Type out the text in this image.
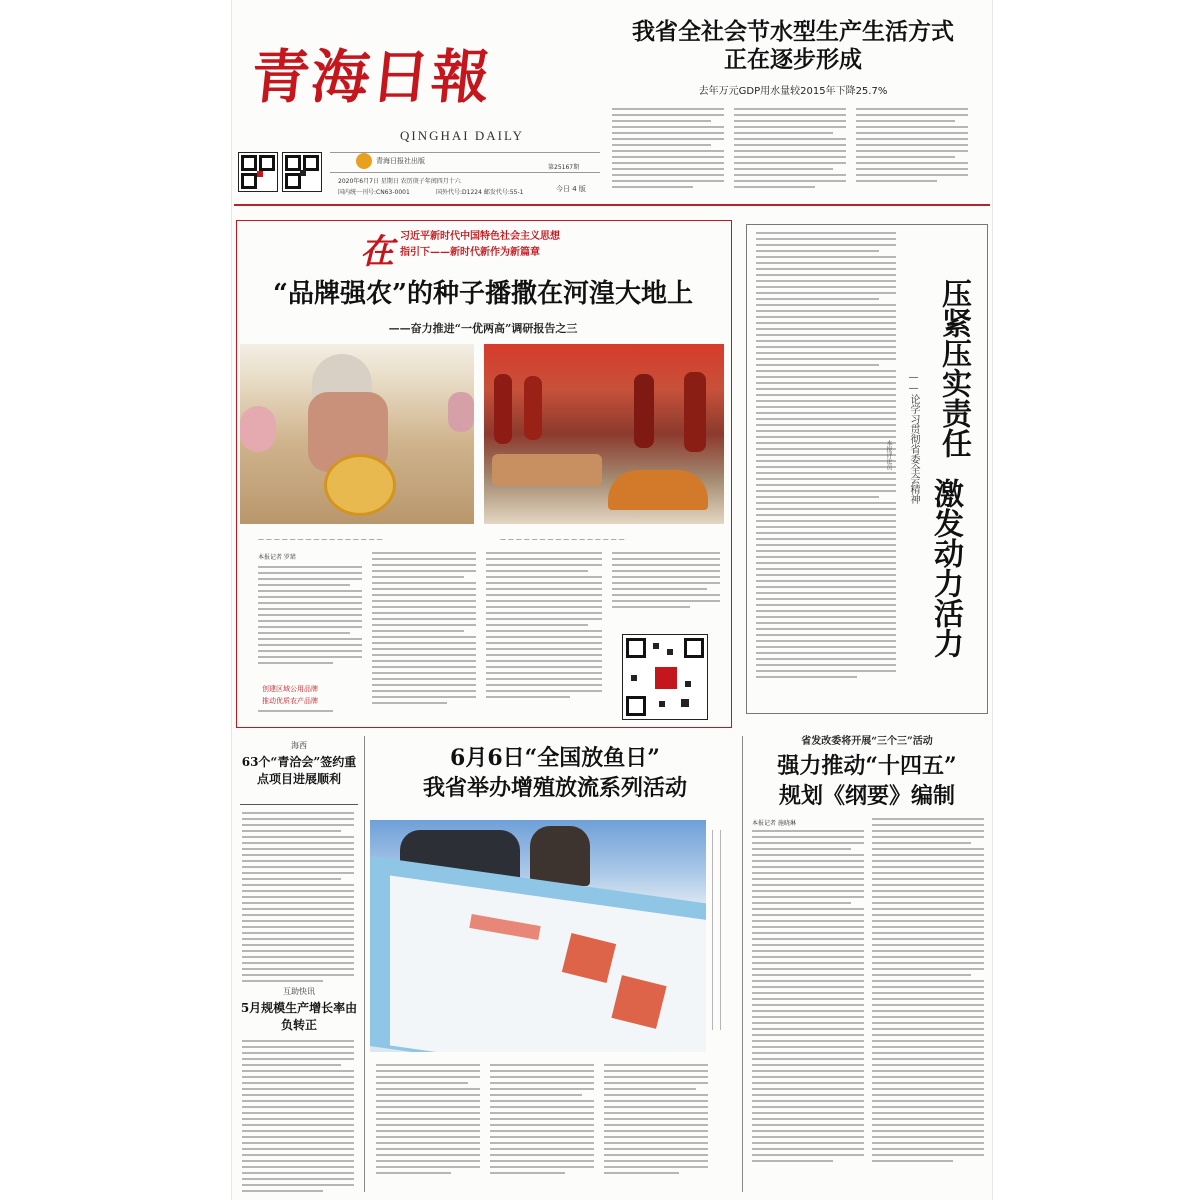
青海日報
QINGHAI DAILY
青海日报社出版
2020年6月7日 星期日 农历庚子年闰四月十六
国内统一刊号:CN63-0001	国外代号:D1224 邮发代号:55-1
第25167期
今日 4 版
我省全社会节水型生产生活方式
正在逐步形成
去年万元GDP用水量较2015年下降25.7%
在 习近平新时代中国特色社会主义思想
指引下——新时代新作为新篇章
“品牌强农”的种子播撒在河湟大地上
——奋力推进“一优两高”调研报告之三
— — — — — — — — — — — — — — — —	— — — — — — — — — — — — — — — —
本报记者 罗珺
创建区域公用品牌
推动优质农产品牌
压紧压实责任
激发动力活力
——论学习贯彻省委全会精神
本报评论员
海西
63个“青洽会”签约重点项目进展顺利
互助快讯
5月规模生产增长率由负转正
6月6日“全国放鱼日”
我省举办增殖放流系列活动
省发改委将开展“三个三”活动
强力推动“十四五”
规划《纲要》编制
本报记者 施晓琳
